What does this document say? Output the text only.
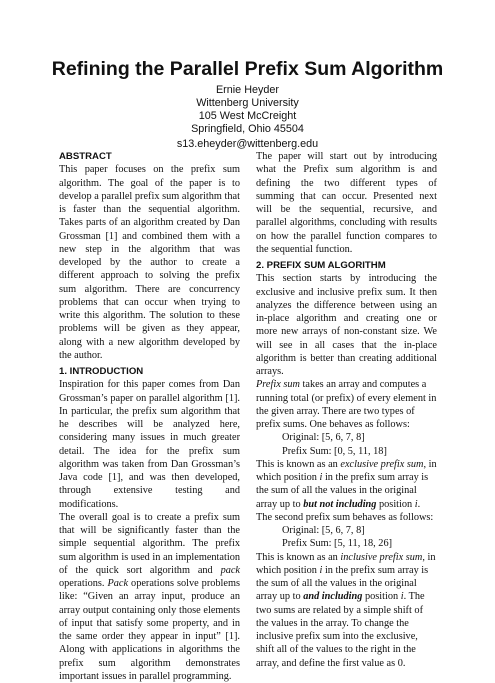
Refining the Parallel Prefix Sum Algorithm
Ernie Heyder
Wittenberg University
105 West McCreight
Springfield, Ohio 45504
s13.eheyder@wittenberg.edu
ABSTRACT

This paper focuses on the prefix sum algorithm. The goal of the paper is to develop a parallel prefix sum algorithm that is faster than the sequential algorithm. Takes parts of an algorithm created by Dan Grossman [1] and combined them with a new step in the algorithm that was developed by the author to create a different approach to solving the prefix sum algorithm. There are concurrency problems that can occur when trying to write this algorithm. The solution to these problems will be given as they appear, along with a new algorithm developed by the author.

1. INTRODUCTION

Inspiration for this paper comes from Dan Grossman’s paper on parallel algorithm [1]. In particular, the prefix sum algorithm that he describes will be analyzed here, considering many issues in much greater detail. The idea for the prefix sum algorithm was taken from Dan Grossman’s Java code [1], and was then developed, through extensive testing and modifications.

The overall goal is to create a prefix sum that will be significantly faster than the simple sequential algorithm. The prefix sum algorithm is used in an implementation of the quick sort algorithm and pack operations. Pack operations solve problems like: “Given an array input, produce an array output containing only those elements of input that satisfy some property, and in the same order they appear in input” [1]. Along with applications in algorithms the prefix sum algorithm demonstrates important issues in parallel programming.

The paper will start out by introducing what the Prefix sum algorithm is and defining the two different types of summing that can occur. Presented next will be the sequential, recursive, and parallel algorithms, concluding with results on how the parallel function compares to the sequential function.

2. PREFIX SUM ALGORITHM

This section starts by introducing the exclusive and inclusive prefix sum. It then analyzes the difference between using an in-place algorithm and creating one or more new arrays of non-constant size. We will see in all cases that the in-place algorithm is better than creating additional arrays.

Prefix sum takes an array and computes a running total (or prefix) of every element in the given array. There are two types of prefix sums. One behaves as follows:

Original: [5, 6, 7, 8]

Prefix Sum: [0, 5, 11, 18]

This is known as an exclusive prefix sum, in which position i in the prefix sum array is the sum of all the values in the original array up to but not including position i. The second prefix sum behaves as follows:

Original: [5, 6, 7, 8]

Prefix Sum: [5, 11, 18, 26]

This is known as an inclusive prefix sum, in which position i in the prefix sum array is the sum of all the values in the original array up to and including position i. The two sums are related by a simple shift of the values in the array. To change the inclusive prefix sum into the exclusive, shift all of the values to the right in the array, and define the first value as 0.
